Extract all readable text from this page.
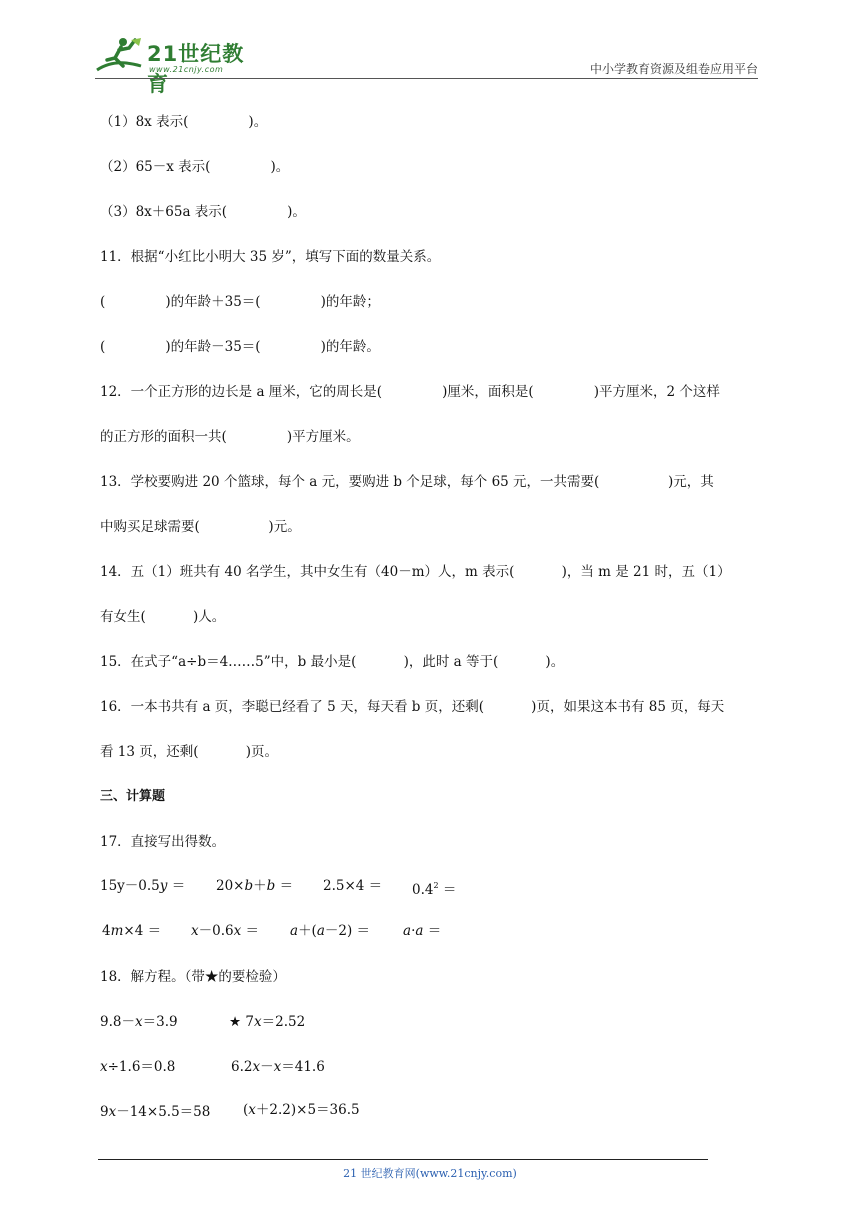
21世纪教育
www.21cnjy.com	中小学教育资源及组卷应用平台
（1）8x 表示(              )。
（2）65－x 表示(              )。
（3）8x＋65a 表示(              )。
11．根据“小红比小明大 35 岁”，填写下面的数量关系。
(              )的年龄＋35＝(              )的年龄；
(              )的年龄－35＝(              )的年龄。
12．一个正方形的边长是 a 厘米，它的周长是(              )厘米，面积是(              )平方厘米，2 个这样
的正方形的面积一共(              )平方厘米。
13．学校要购进 20 个篮球，每个 a 元，要购进 b 个足球，每个 65 元，一共需要(                )元，其
中购买足球需要(                )元。
14．五（1）班共有 40 名学生，其中女生有（40－m）人，m 表示(           )，当 m 是 21 时，五（1）
有女生(           )人。
15．在式子“a÷b＝4……5”中，b 最小是(           )，此时 a 等于(           )。
16．一本书共有 a 页，李聪已经看了 5 天，每天看 b 页，还剩(           )页，如果这本书有 85 页，每天
看 13 页，还剩(           )页。
三、计算题
17．直接写出得数。
$15y-0.5y = 20\times b+b = 2.5\times 4 = 0.4^2$ ＝
4m×4 ＝ x－0.6x ＝ a＋(a－2) ＝ a·a ＝
18．解方程。（带★的要检验）
9.8－x＝3.9	★ 7x＝2.52
x÷1.6＝0.8	6.2x－x＝41.6
9x－14×5.5＝58 (x＋2.2)×5＝36.5
21 世纪教育网(www.21cnjy.com)
